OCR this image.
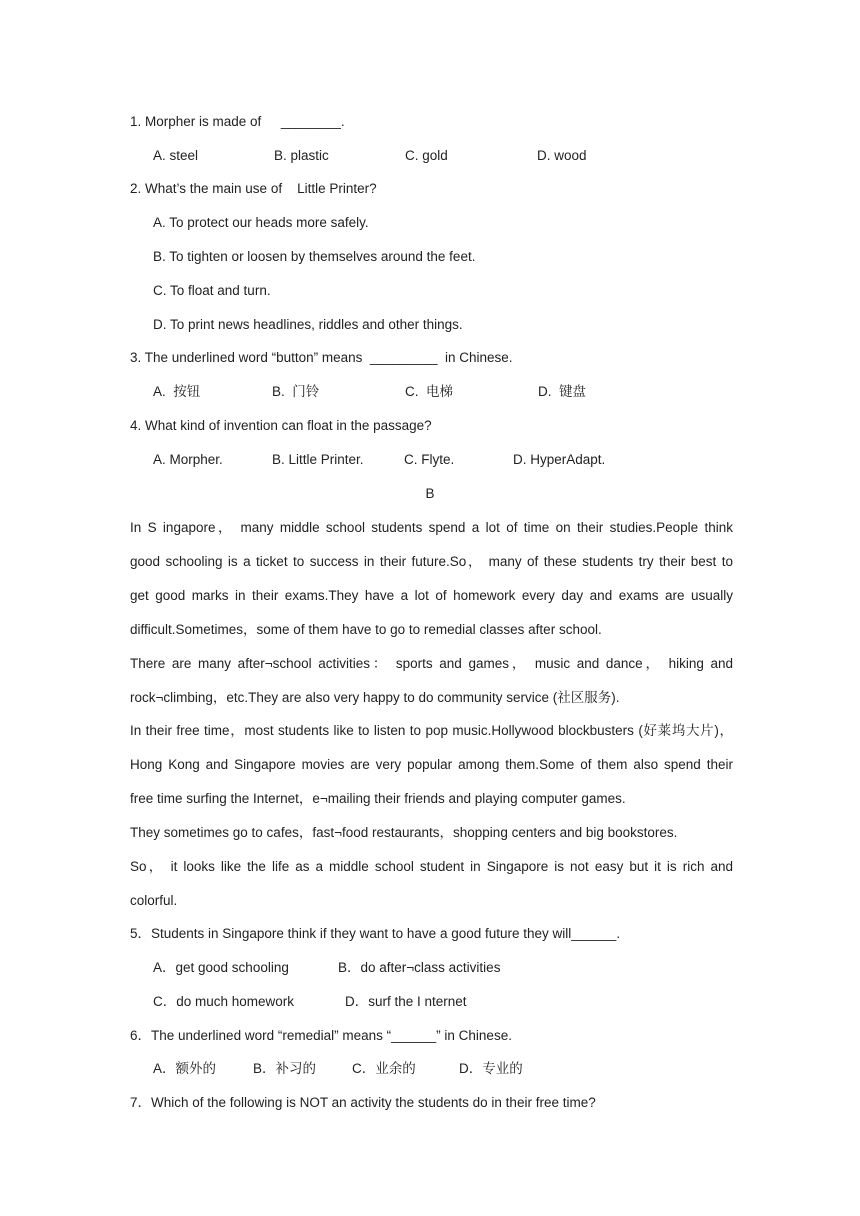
1. Morpher is made of ________.
A. steel	B. plastic	C. gold	D. wood
2. What’s the main use of    Little Printer?
A. To protect our heads more safely.
B. To tighten or loosen by themselves around the feet.
C. To float and turn.
D. To print news headlines, riddles and other things.
3. The underlined word “button” means  _________  in Chinese.
A.  按钮	B.  门铃	C.  电梯	D.  键盘
4. What kind of invention can float in the passage?
A. Morpher.	B. Little Printer.	C. Flyte.	D. HyperAdapt.
B
In S ingapore， many middle school students spend a lot of time on their studies.People think
good schooling is a ticket to success in their future.So， many of these students try their best to
get good marks in their exams.They have a lot of homework every day and exams are usually
difficult.Sometimes，some of them have to go to remedial classes after school.
There are many after¬school activities： sports and games， music and dance， hiking and
rock¬climbing，etc.They are also very happy to do community service (社区服务).
In their free time，most students like to listen to pop music.Hollywood blockbusters (好莱坞大片)，
Hong Kong and Singapore movies are very popular among them.Some of them also spend their
free time surfing the Internet，e¬mailing their friends and playing computer games.
They sometimes go to cafes，fast¬food restaurants，shopping centers and big bookstores.
So， it looks like the life as a middle school student in Singapore is not easy but it is rich and
colorful.
5．Students in Singapore think if they want to have a good future they will______.
A．get good schooling	B．do after¬class activities
C．do much homework	D．surf the I nternet
6．The underlined word “remedial” means “______” in Chinese.
A．额外的	B．补习的	C．业余的	D．专业的
7．Which of the following is NOT an activity the students do in their free time?
